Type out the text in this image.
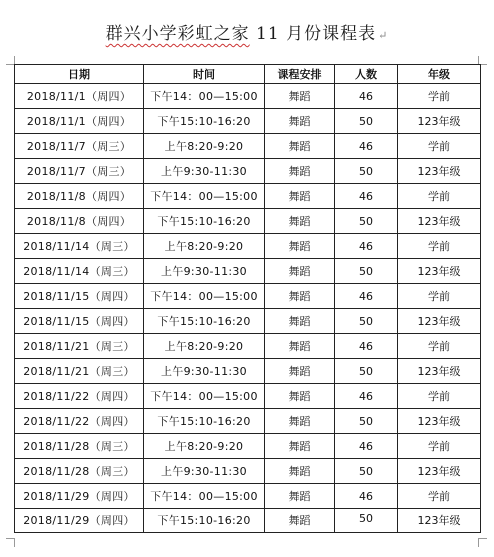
群兴小学彩虹之家 11 月份课程表 ↵
日期	时间	课程安排	人数	年级
2018/11/1（周四）	下午14：00—15:00	舞蹈	46	学前
2018/11/1（周四）	下午15:10-16:20	舞蹈	50	123年级
2018/11/7（周三）	上午8:20-9:20	舞蹈	46	学前
2018/11/7（周三）	上午9:30-11:30	舞蹈	50	123年级
2018/11/8（周四）	下午14：00—15:00	舞蹈	46	学前
2018/11/8（周四）	下午15:10-16:20	舞蹈	50	123年级
2018/11/14（周三）	上午8:20-9:20	舞蹈	46	学前
2018/11/14（周三）	上午9:30-11:30	舞蹈	50	123年级
2018/11/15（周四）	下午14：00—15:00	舞蹈	46	学前
2018/11/15（周四）	下午15:10-16:20	舞蹈	50	123年级
2018/11/21（周三）	上午8:20-9:20	舞蹈	46	学前
2018/11/21（周三）	上午9:30-11:30	舞蹈	50	123年级
2018/11/22（周四）	下午14：00—15:00	舞蹈	46	学前
2018/11/22（周四）	下午15:10-16:20	舞蹈	50	123年级
2018/11/28（周三）	上午8:20-9:20	舞蹈	46	学前
2018/11/28（周三）	上午9:30-11:30	舞蹈	50	123年级
2018/11/29（周四）	下午14：00—15:00	舞蹈	46	学前
2018/11/29（周四）	下午15:10-16:20	舞蹈	50	123年级
